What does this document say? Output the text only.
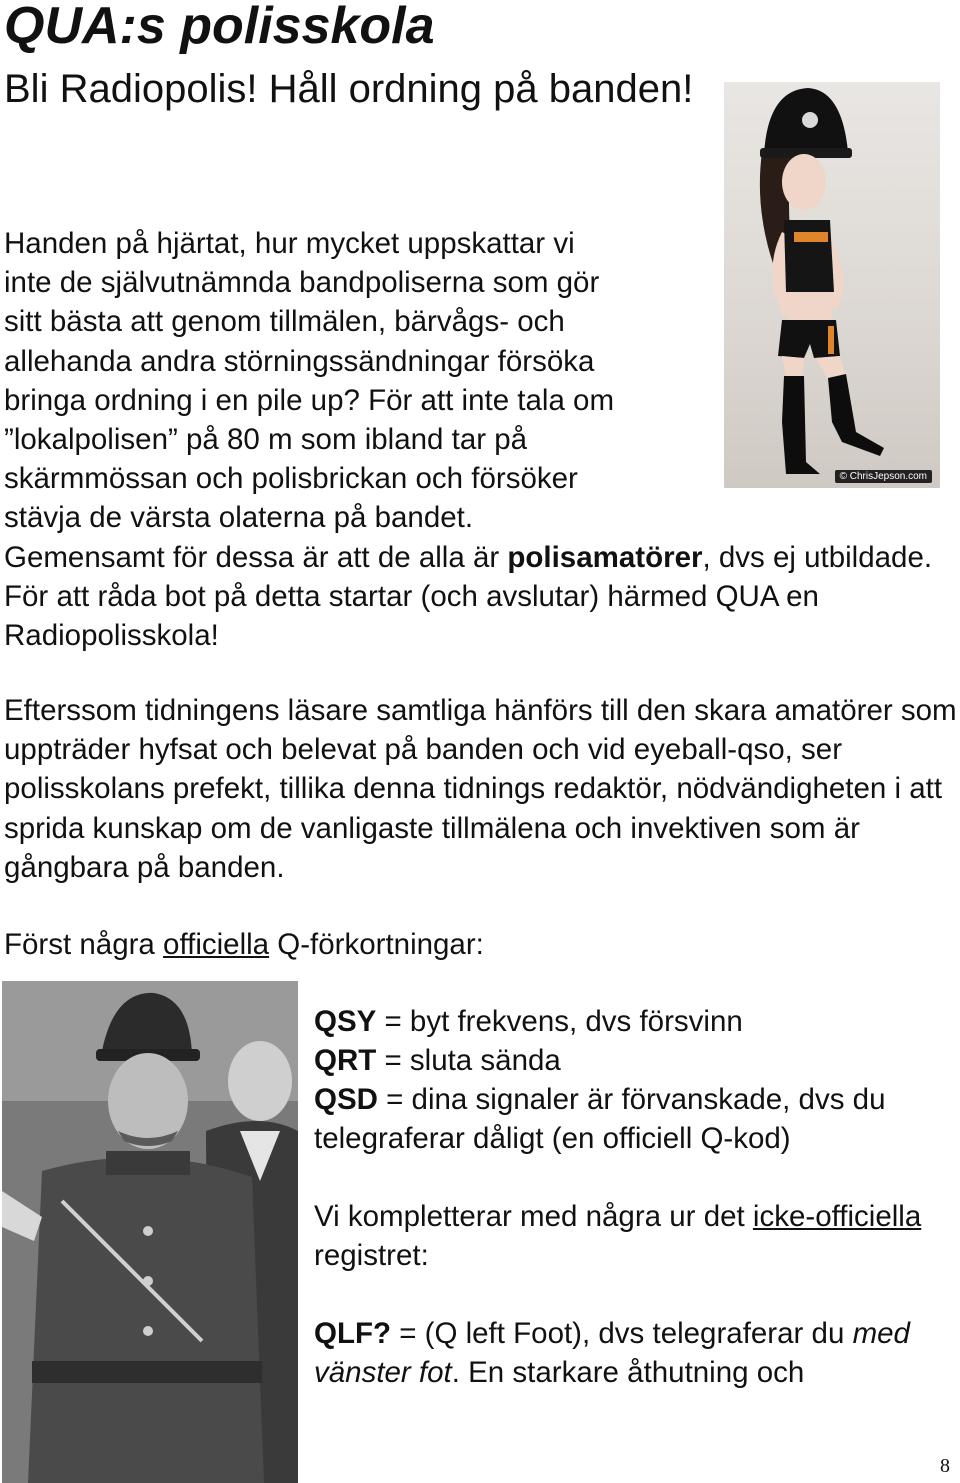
QUA:s polisskola
Bli Radiopolis! Håll ordning på banden!
© ChrisJepson.com
Handen på hjärtat, hur mycket uppskattar vi
inte de självutnämnda bandpoliserna som gör
sitt bästa att genom tillmälen, bärvågs- och
allehanda andra störningssändningar försöka
bringa ordning i en pile up? För att inte tala om
”lokalpolisen” på 80 m som ibland tar på
skärmmössan och polisbrickan och försöker
stävja de värsta olaterna på bandet.
Gemensamt för dessa är att de alla är polisamatörer, dvs ej utbildade. För att råda bot på detta startar (och avslutar) härmed QUA en Radiopolisskola!

Efterssom tidningens läsare samtliga hänförs till den skara amatörer som uppträder hyfsat och belevat på banden och vid eyeball-qso, ser polisskolans prefekt, tillika denna tidnings redaktör, nödvändigheten i att sprida kunskap om de vanligaste tillmälena och invektiven som är gångbara på banden.

Först några officiella Q-förkortningar:

QSY = byt frekvens, dvs försvinn

QRT = sluta sända

QSD = dina signaler är förvanskade, dvs du telegraferar dåligt (en officiell Q-kod)

Vi kompletterar med några ur det icke-officiella registret:

QLF? = (Q left Foot), dvs telegraferar du med vänster fot. En starkare åthutning och

8
